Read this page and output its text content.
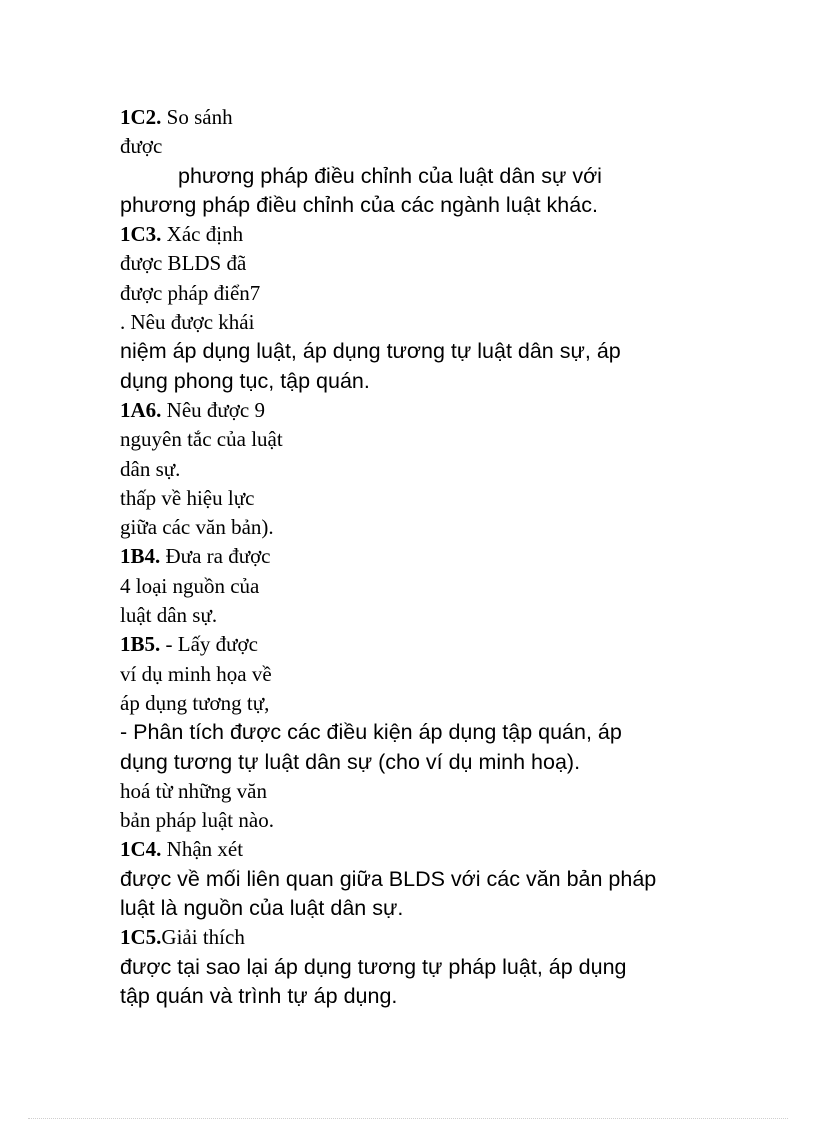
1C2. So sánh
được
phương pháp điều chỉnh của luật dân sự với
phương pháp điều chỉnh của các ngành luật khác.
1C3. Xác định
được BLDS đã
được pháp điển7
. Nêu được khái
niệm áp dụng luật, áp dụng tương tự luật dân sự, áp
dụng phong tục, tập quán.
1A6. Nêu được 9
nguyên tắc của luật
dân sự.
thấp về hiệu lực
giữa các văn bản).
1B4. Đưa ra được
4 loại nguồn của
luật dân sự.
1B5. - Lấy được
ví dụ minh họa về
áp dụng tương tự,
- Phân tích được các điều kiện áp dụng tập quán, áp
dụng tương tự luật dân sự (cho ví dụ minh hoạ).
hoá từ những văn
bản pháp luật nào.
1C4. Nhận xét
được về mối liên quan giữa BLDS với các văn bản pháp
luật là nguồn của luật dân sự.
1C5.Giải thích
được tại sao lại áp dụng tương tự pháp luật, áp dụng
tập quán và trình tự áp dụng.
